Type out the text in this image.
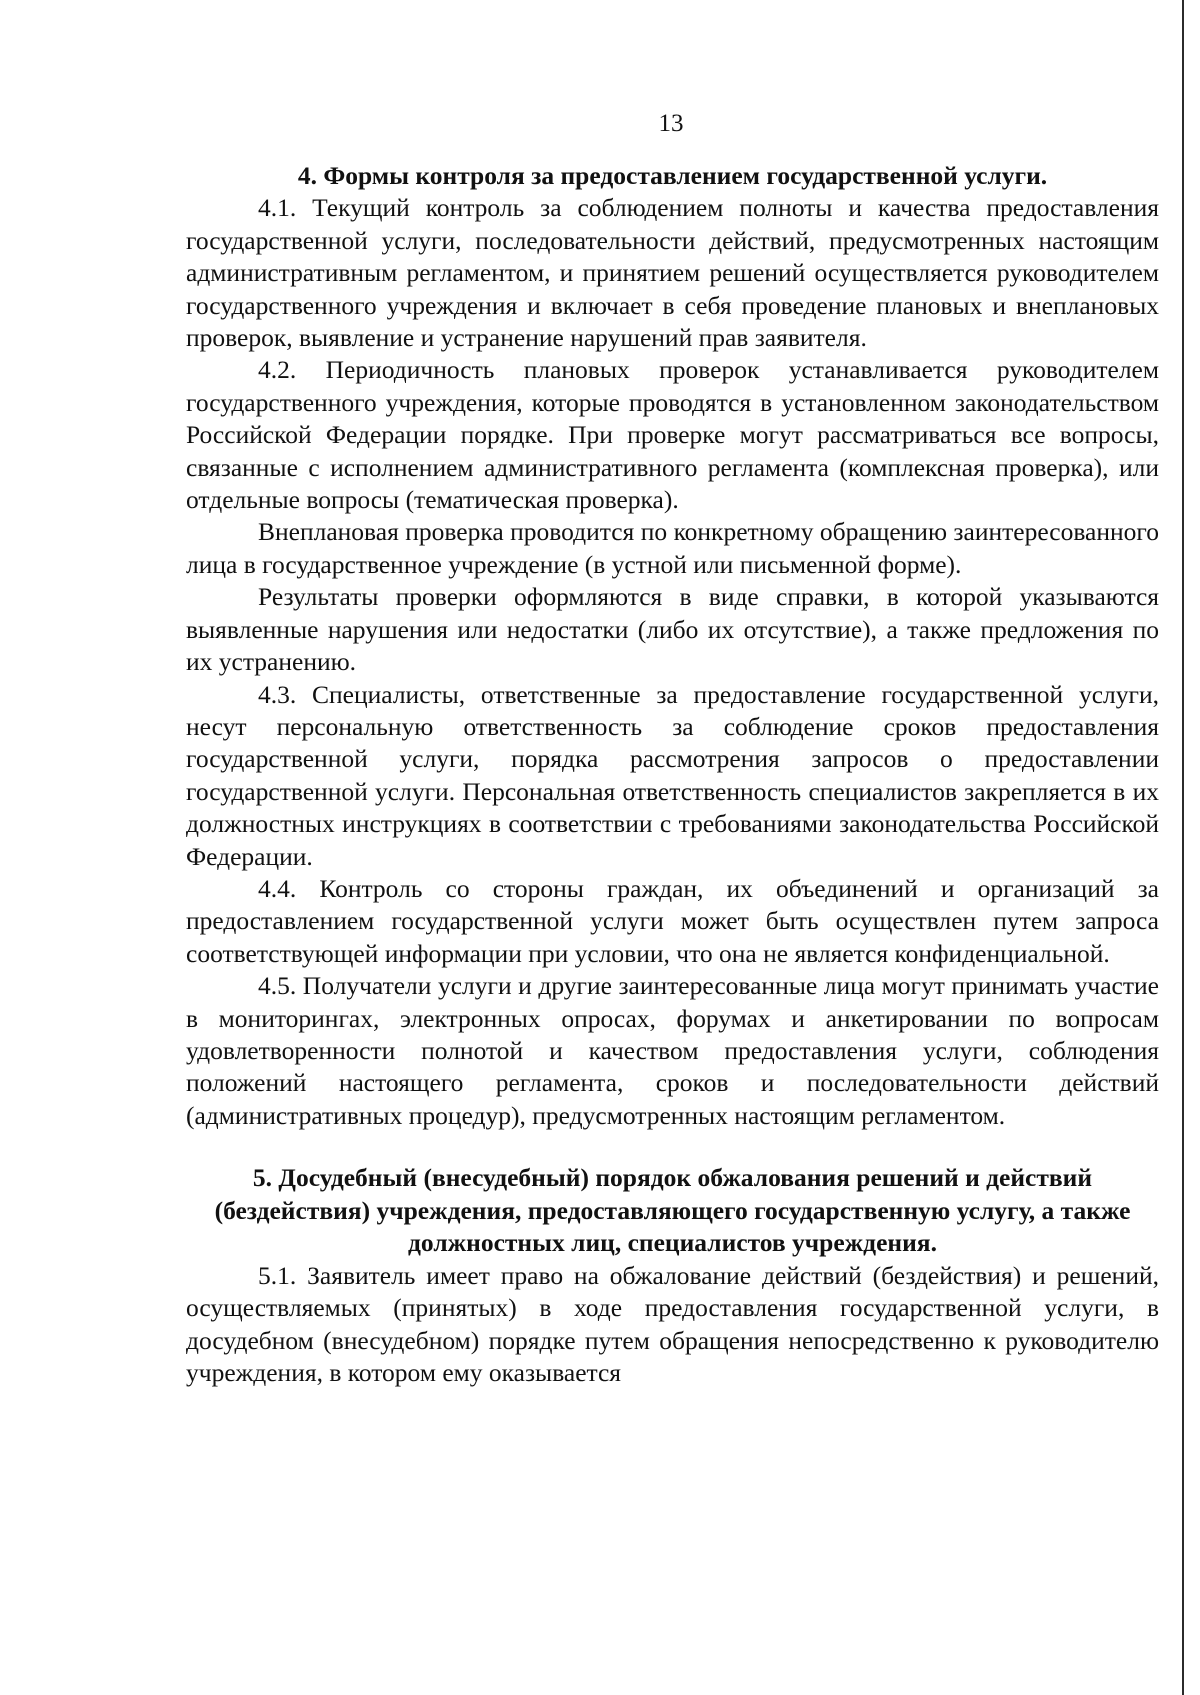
13
4. Формы контроля за предоставлением государственной услуги.

4.1. Текущий контроль за соблюдением полноты и качества предоставления государственной услуги, последовательности действий, предусмотренных настоящим административным регламентом, и принятием решений осуществляется руководителем государственного учреждения и включает в себя проведение плановых и внеплановых проверок, выявление и устранение нарушений прав заявителя.

4.2. Периодичность плановых проверок устанавливается руководителем государственного учреждения, которые проводятся в установленном законодательством Российской Федерации порядке. При проверке могут рассматриваться все вопросы, связанные с исполнением административного регламента (комплексная проверка), или отдельные вопросы (тематическая проверка).

Внеплановая проверка проводится по конкретному обращению заинтересованного лица в государственное учреждение (в устной или письменной форме).

Результаты проверки оформляются в виде справки, в которой указываются выявленные нарушения или недостатки (либо их отсутствие), а также предложения по их устранению.

4.3. Специалисты, ответственные за предоставление государственной услуги, несут персональную ответственность за соблюдение сроков предоставления государственной услуги, порядка рассмотрения запросов о предоставлении государственной услуги. Персональная ответственность специалистов закрепляется в их должностных инструкциях в соответствии с требованиями законодательства Российской Федерации.

4.4. Контроль со стороны граждан, их объединений и организаций за предоставлением государственной услуги может быть осуществлен путем запроса соответствующей информации при условии, что она не является конфиденциальной.

4.5. Получатели услуги и другие заинтересованные лица могут принимать участие в мониторингах, электронных опросах, форумах и анкетировании по вопросам удовлетворенности полнотой и качеством предоставления услуги, соблюдения положений настоящего регламента, сроков и последовательности действий (административных процедур), предусмотренных настоящим регламентом.

5. Досудебный (внесудебный) порядок обжалования решений и действий (бездействия) учреждения, предоставляющего государственную услугу, а также должностных лиц, специалистов учреждения.

5.1. Заявитель имеет право на обжалование действий (бездействия) и решений, осуществляемых (принятых) в ходе предоставления государственной услуги, в досудебном (внесудебном) порядке путем обращения непосредственно к руководителю учреждения, в котором ему оказывается
